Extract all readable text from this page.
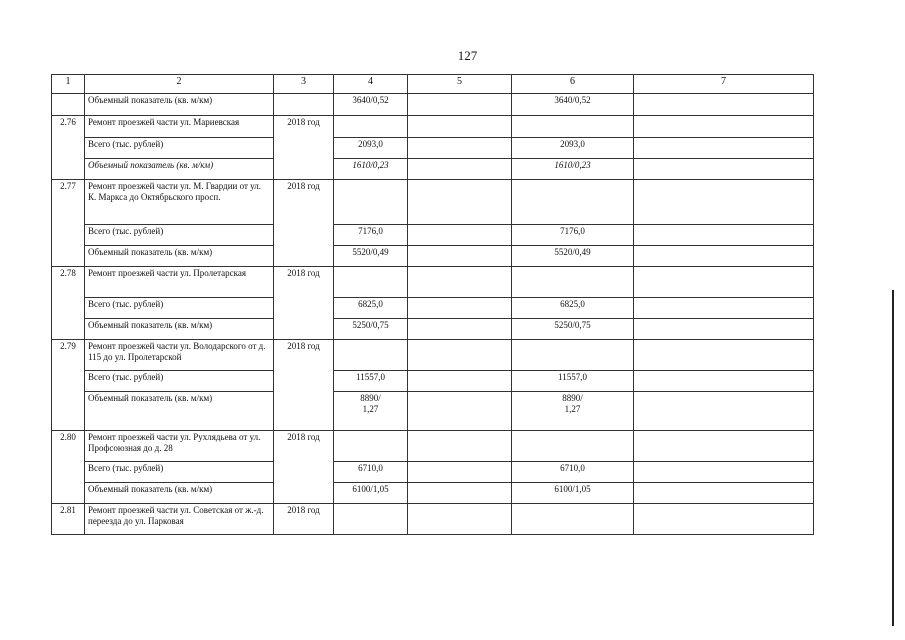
127
1	2	3	4	5	6	7
	Объемный показатель (кв. м/км)		3640/0,52		3640/0,52	
2.76	Ремонт проезжей части ул. Мариевская	2018 год				
	Всего (тыс. рублей)		2093,0		2093,0	
	Объемный показатель (кв. м/км)		1610/0,23		1610/0,23	
2.77	Ремонт проезжей части ул. М. Гвардии от ул. К. Маркса до Октябрьского просп.	2018 год				
	Всего (тыс. рублей)		7176,0		7176,0	
	Объемный показатель (кв. м/км)		5520/0,49		5520/0,49	
2.78	Ремонт проезжей части ул. Пролетарская	2018 год				
	Всего (тыс. рублей)		6825,0		6825,0	
	Объемный показатель (кв. м/км)		5250/0,75		5250/0,75	
2.79	Ремонт проезжей части ул. Володарского от д. 115 до ул. Пролетарской	2018 год				
	Всего (тыс. рублей)		11557,0		11557,0	
	Объемный показатель (кв. м/км)		8890/ 1,27		8890/ 1,27	
2.80	Ремонт проезжей части ул. Рухлядьева от ул. Профсоюзная до д. 28	2018 год				
	Всего (тыс. рублей)		6710,0		6710,0	
	Объемный показатель (кв. м/км)		6100/1,05		6100/1,05	
2.81	Ремонт проезжей части ул. Советская от ж.-д. переезда до ул. Парковая	2018 год				
